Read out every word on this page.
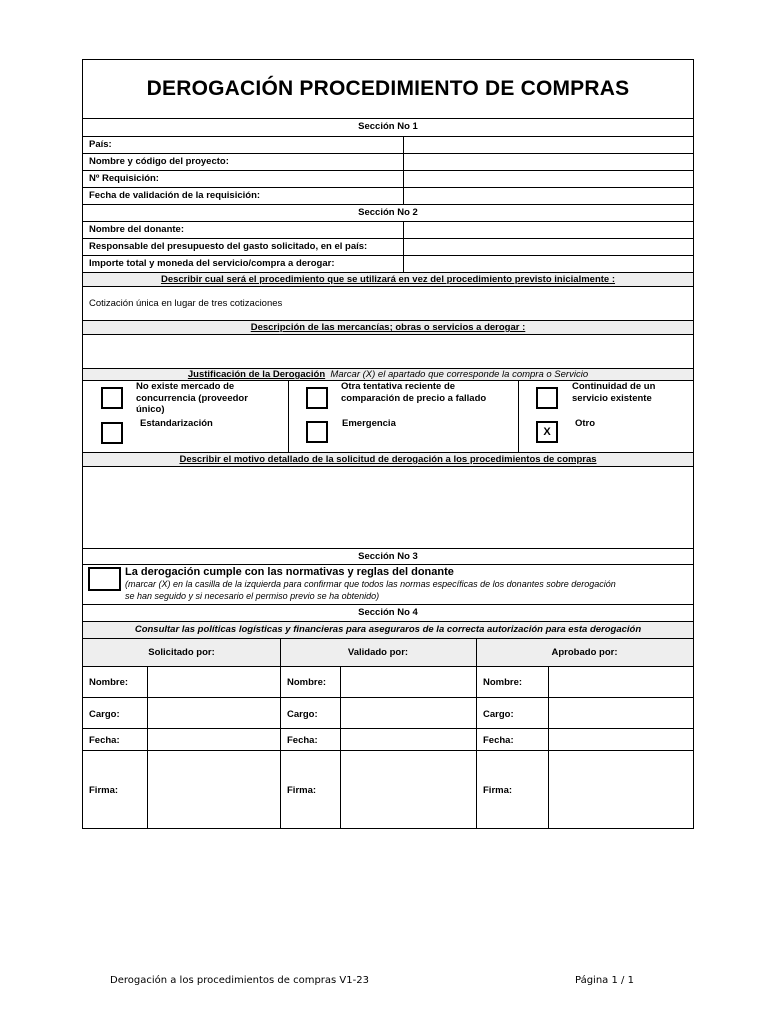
DEROGACIÓN PROCEDIMIENTO DE COMPRAS
Sección No 1
País:
Nombre y código del proyecto:
Nº Requisición:
Fecha de validación de la requisición:
Sección No 2
Nombre del donante:
Responsable del presupuesto del gasto solicitado, en el país:
Importe total y moneda del servicio/compra a derogar:
Describir cual será el procedimiento que se utilizará en vez del procedimiento previsto inicialmente :
Cotización única en lugar de tres cotizaciones
Descripción de las mercancías; obras o servicios a derogar :
Justificación de la Derogación Marcar (X) el apartado que corresponde la compra o Servicio
No existe mercado de concurrencia (proveedor único)
Otra tentativa reciente de comparación de precio a fallado
Continuidad de un servicio existente
Estandarización	Emergencia
X
Otro
Describir el motivo detallado de la solicitud de derogación a los procedimientos de compras
Sección No 3
La derogación cumple con las normativas y reglas del donante
(marcar (X) en la casilla de la izquierda para confirmar que todos las normas específicas de los donantes sobre derogación
se han seguido y si necesario el permiso previo se ha obtenido)
Sección No 4
Consultar las políticas logísticas y financieras para aseguraros de la correcta autorización para esta derogación
Solicitado por:	Validado por:	Aprobado por:
Nombre:	Nombre:	Nombre:
Cargo:	Cargo:	Cargo:
Fecha:	Fecha:	Fecha:
Firma:	Firma:	Firma:
Derogación a los procedimientos de compras V1-23	Página 1 / 1
